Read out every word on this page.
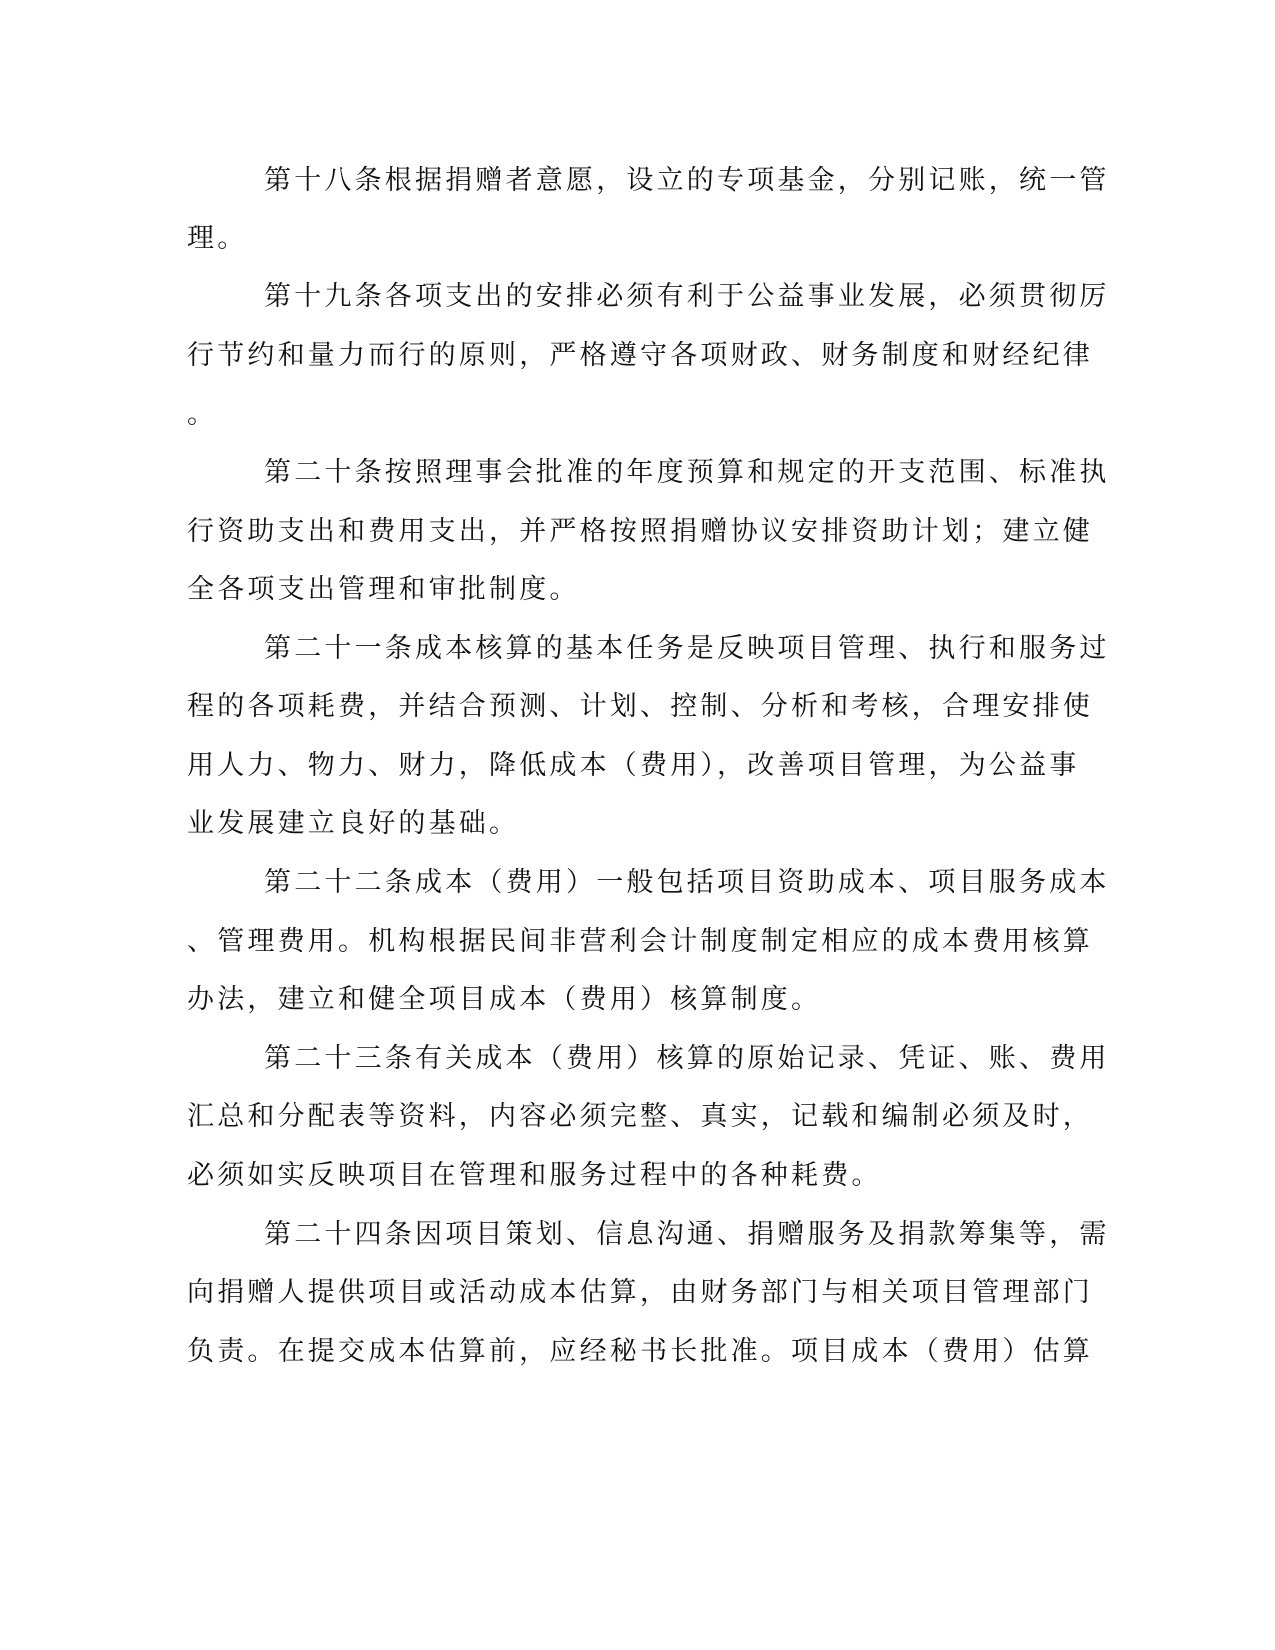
第十八条根据捐赠者意愿，设立的专项基金，分别记账，统一管
理。
第十九条各项支出的安排必须有利于公益事业发展，必须贯彻厉
行节约和量力而行的原则，严格遵守各项财政、财务制度和财经纪律
。
第二十条按照理事会批准的年度预算和规定的开支范围、标准执
行资助支出和费用支出，并严格按照捐赠协议安排资助计划；建立健
全各项支出管理和审批制度。
第二十一条成本核算的基本任务是反映项目管理、执行和服务过
程的各项耗费，并结合预测、计划、控制、分析和考核，合理安排使
用人力、物力、财力，降低成本（费用），改善项目管理，为公益事
业发展建立良好的基础。
第二十二条成本（费用）一般包括项目资助成本、项目服务成本
、管理费用。机构根据民间非营利会计制度制定相应的成本费用核算
办法，建立和健全项目成本（费用）核算制度。
第二十三条有关成本（费用）核算的原始记录、凭证、账、费用
汇总和分配表等资料，内容必须完整、真实，记载和编制必须及时，
必须如实反映项目在管理和服务过程中的各种耗费。
第二十四条因项目策划、信息沟通、捐赠服务及捐款筹集等，需
向捐赠人提供项目或活动成本估算，由财务部门与相关项目管理部门
负责。在提交成本估算前，应经秘书长批准。项目成本（费用）估算
